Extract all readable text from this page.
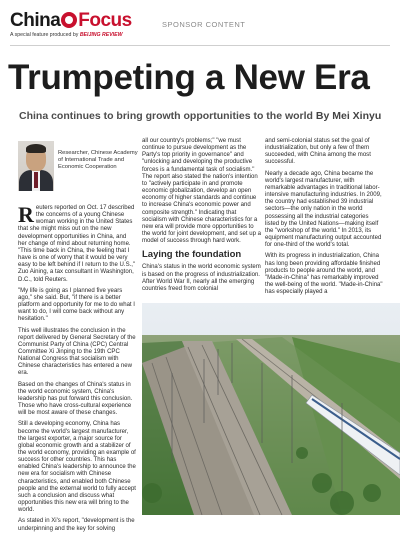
China Focus
A special feature produced by BEIJING REVIEW
SPONSOR CONTENT
Trumpeting a New Era
China continues to bring growth opportunities to the world By Mei Xinyu
Researcher, Chinese Academy of International Trade and Economic Cooperation

Reuters reported on Oct. 17 described the concerns of a young Chinese woman working in the United States that she might miss out on the new development opportunities in China, and her change of mind about returning home. "This time back in China, the feeling that I have is one of worry that it would be very easy to be left behind if I return to the U.S.," Zuo Aining, a tax consultant in Washington, D.C., told Reuters.

"My life is going as I planned five years ago," she said. But, "if there is a better platform and opportunity for me to do what I want to do, I will come back without any hesitation."

This well illustrates the conclusion in the report delivered by General Secretary of the Communist Party of China (CPC) Central Committee Xi Jinping to the 19th CPC National Congress that socialism with Chinese characteristics has entered a new era.

Based on the changes of China's status in the world economic system, China's leadership has put forward this conclusion. Those who have cross-cultural experience will be most aware of these changes.

Still a developing economy, China has become the world's largest manufacturer, the largest exporter, a major source for global economic growth and a stabilizer of the world economy, providing an example of success for other countries. This has enabled China's leadership to announce the new era for socialism with Chinese characteristics, and enabled both Chinese people and the external world to fully accept such a conclusion and discuss what opportunities this new era will bring to the world.

As stated in Xi's report, "development is the underpinning and the key for solving

all our country's problems;" "we must continue to pursue development as the Party's top priority in governance" and "unlocking and developing the productive forces is a fundamental task of socialism." The report also stated the nation's intention to "actively participate in and promote economic globalization, develop an open economy of higher standards and continue to increase China's economic power and composite strength." Indicating that socialism with Chinese characteristics for a new era will provide more opportunities to the world for joint development, and set up a model of success through hard work.

Laying the foundation

China's status in the world economic system is based on the progress of industrialization. After World War II, nearly all the emerging countries freed from colonial

and semi-colonial status set the goal of industrialization, but only a few of them succeeded, with China among the most successful.

Nearly a decade ago, China became the world's largest manufacturer, with remarkable advantages in traditional labor-intensive manufacturing industries. In 2009, the country had established 39 industrial sectors—the only nation in the world possessing all the industrial categories listed by the United Nations—making itself the "workshop of the world." In 2013, its equipment manufacturing output accounted for one-third of the world's total.

With its progress in industrialization, China has long been providing affordable finished products to people around the world, and "Made-in-China" has remarkably improved the well-being of the world. "Made-in-China" has especially played a
